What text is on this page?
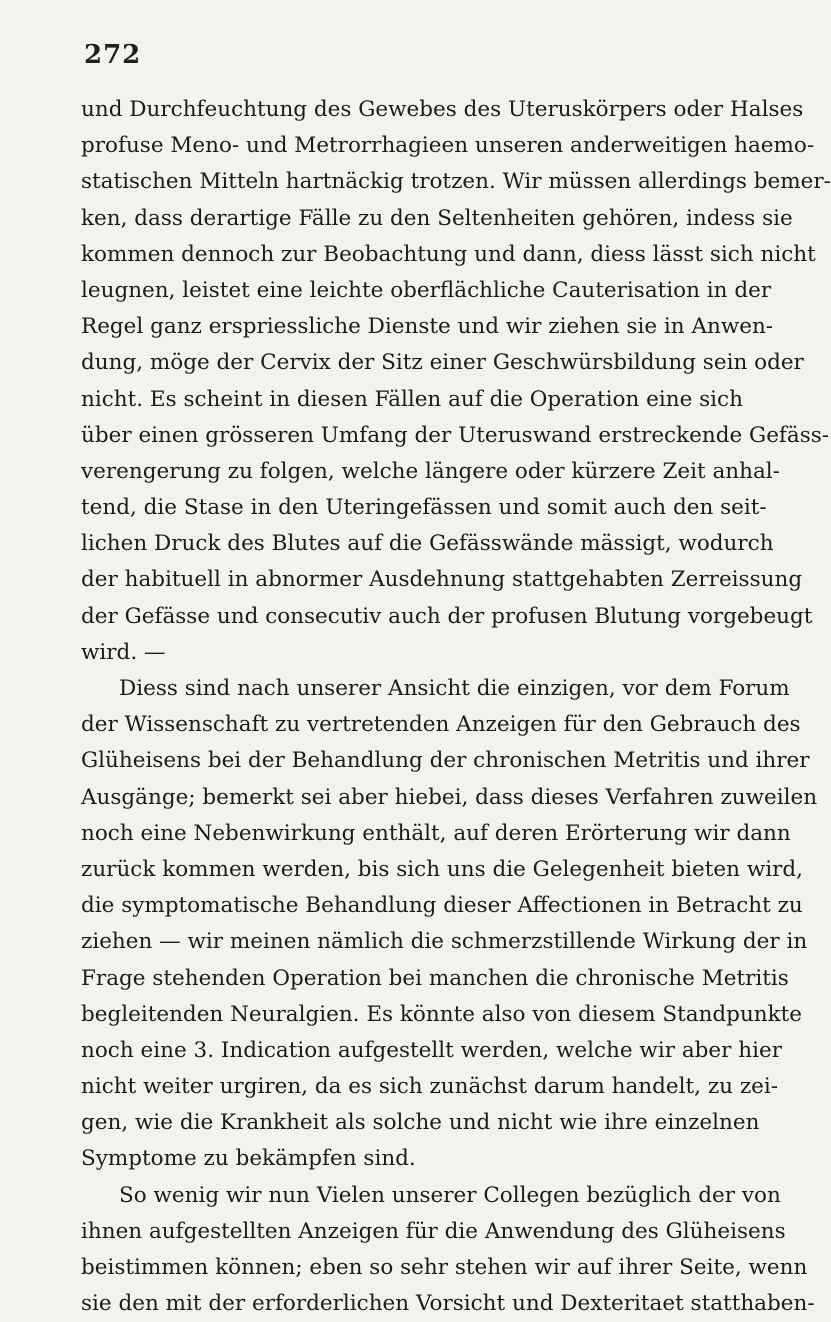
272
und Durchfeuchtung des Gewebes des Uteruskörpers oder Halses
profuse Meno- und Metrorrhagieen unseren anderweitigen haemo-
statischen Mitteln hartnäckig trotzen. Wir müssen allerdings bemer-
ken, dass derartige Fälle zu den Seltenheiten gehören, indess sie
kommen dennoch zur Beobachtung und dann, diess lässt sich nicht
leugnen, leistet eine leichte oberflächliche Cauterisation in der
Regel ganz erspriessliche Dienste und wir ziehen sie in Anwen-
dung, möge der Cervix der Sitz einer Geschwürsbildung sein oder
nicht. Es scheint in diesen Fällen auf die Operation eine sich
über einen grösseren Umfang der Uteruswand erstreckende Gefäss-
verengerung zu folgen, welche längere oder kürzere Zeit anhal-
tend, die Stase in den Uteringefässen und somit auch den seit-
lichen Druck des Blutes auf die Gefässwände mässigt, wodurch
der habituell in abnormer Ausdehnung stattgehabten Zerreissung
der Gefässe und consecutiv auch der profusen Blutung vorgebeugt
wird. —
Diess sind nach unserer Ansicht die einzigen, vor dem Forum
der Wissenschaft zu vertretenden Anzeigen für den Gebrauch des
Glüheisens bei der Behandlung der chronischen Metritis und ihrer
Ausgänge; bemerkt sei aber hiebei, dass dieses Verfahren zuweilen
noch eine Nebenwirkung enthält, auf deren Erörterung wir dann
zurück kommen werden, bis sich uns die Gelegenheit bieten wird,
die symptomatische Behandlung dieser Affectionen in Betracht zu
ziehen — wir meinen nämlich die schmerzstillende Wirkung der in
Frage stehenden Operation bei manchen die chronische Metritis
begleitenden Neuralgien. Es könnte also von diesem Standpunkte
noch eine 3. Indication aufgestellt werden, welche wir aber hier
nicht weiter urgiren, da es sich zunächst darum handelt, zu zei-
gen, wie die Krankheit als solche und nicht wie ihre einzelnen
Symptome zu bekämpfen sind.
So wenig wir nun Vielen unserer Collegen bezüglich der von
ihnen aufgestellten Anzeigen für die Anwendung des Glüheisens
beistimmen können; eben so sehr stehen wir auf ihrer Seite, wenn
sie den mit der erforderlichen Vorsicht und Dexteritaet statthaben-
